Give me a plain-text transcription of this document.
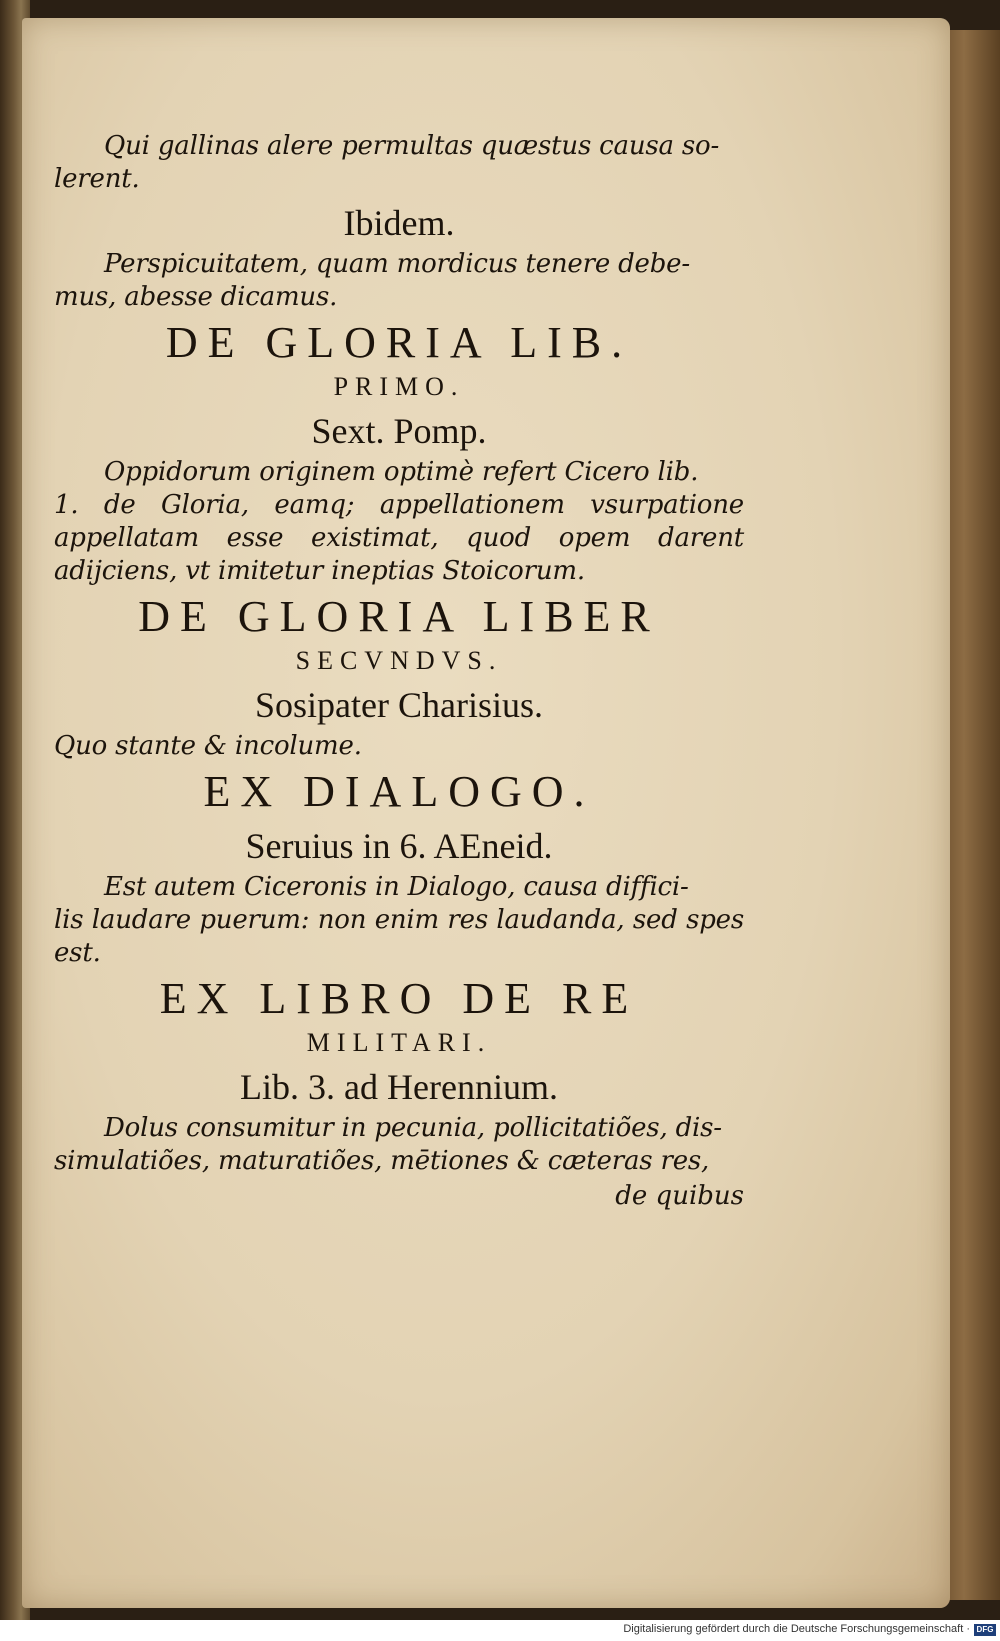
Qui gallinas alere permultas quæstus causa so-
lerent.

Ibidem.

Perspicuitatem, quam mordicus tenere debe-
mus, abesse dicamus.

DE GLORIA LIB.
PRIMO.
Sext. Pomp.

Oppidorum originem optimè refert Cicero lib.
1. de Gloria, eamq; appellationem vsurpatione appellatam esse existimat, quod opem darent adijciens, vt imitetur ineptias Stoicorum.

DE GLORIA LIBER
SECVNDVS.
Sosipater Charisius.

Quo stante & incolume.

EX DIALOGO.
Seruius in 6. AEneid.

Est autem Ciceronis in Dialogo, causa diffici-
lis laudare puerum: non enim res laudanda, sed spes est.

EX LIBRO DE RE
MILITARI.
Lib. 3. ad Herennium.

Dolus consumitur in pecunia, pollicitatiões, dis-
simulatiões, maturatiões, mētiones & cæteras res,

de quibus
Digitalisierung gefördert durch die Deutsche Forschungsgemeinschaft · DFG
